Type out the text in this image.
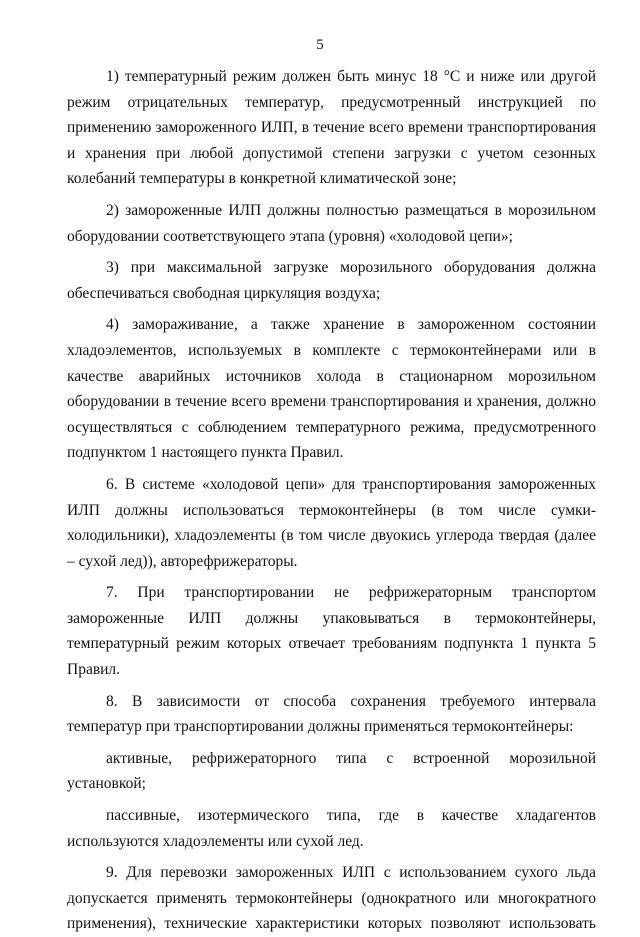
5

1) температурный режим должен быть минус 18 °С и ниже или другой режим отрицательных температур, предусмотренный инструкцией по применению замороженного ИЛП, в течение всего времени транспортирования и хранения при любой допустимой степени загрузки с учетом сезонных колебаний температуры в конкретной климатической зоне;

2) замороженные ИЛП должны полностью размещаться в морозильном оборудовании соответствующего этапа (уровня) «холодовой цепи»;

3) при максимальной загрузке морозильного оборудования должна обеспечиваться свободная циркуляция воздуха;

4) замораживание, а также хранение в замороженном состоянии хладоэлементов, используемых в комплекте с термоконтейнерами или в качестве аварийных источников холода в стационарном морозильном оборудовании в течение всего времени транспортирования и хранения, должно осуществляться с соблюдением температурного режима, предусмотренного подпунктом 1 настоящего пункта Правил.

6. В системе «холодовой цепи» для транспортирования замороженных ИЛП должны использоваться термоконтейнеры (в том числе сумки-холодильники), хладоэлементы (в том числе двуокись углерода твердая (далее – сухой лед)), авторефрижераторы.

7. При транспортировании не рефрижераторным транспортом замороженные ИЛП должны упаковываться в термоконтейнеры, температурный режим которых отвечает требованиям подпункта 1 пункта 5 Правил.

8. В зависимости от способа сохранения требуемого интервала температур при транспортировании должны применяться термоконтейнеры:

активные, рефрижераторного типа с встроенной морозильной установкой;

пассивные, изотермического типа, где в качестве хладагентов используются хладоэлементы или сухой лед.

9. Для перевозки замороженных ИЛП с использованием сухого льда допускается применять термоконтейнеры (однократного или многократного применения), технические характеристики которых позволяют использовать
